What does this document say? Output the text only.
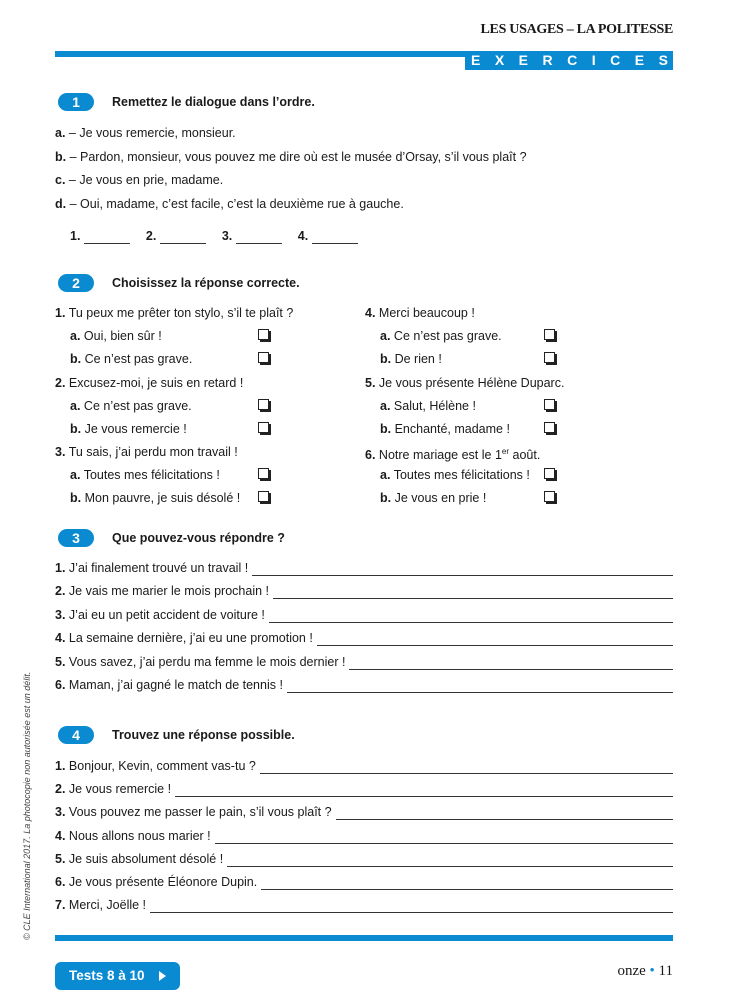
LES USAGES – LA POLITESSE
EXERCICES
1	Remettez le dialogue dans l’ordre.
1.	2.	3.	4.
2	Choisissez la réponse correcte.
3	Que pouvez-vous répondre ?
4	Trouvez une réponse possible.
Tests 8 à 10	onze • 11
© CLE International 2017. La photocopie non autorisée est un délit.
a. – Je vous remercie, monsieur.
b. – Pardon, monsieur, vous pouvez me dire où est le musée d’Orsay, s’il vous plaît ?
c. – Je vous en prie, madame.
d. – Oui, madame, c’est facile, c’est la deuxième rue à gauche.
1. Tu peux me prêter ton stylo, s’il te plaît ?
a. Oui, bien sûr !
b. Ce n’est pas grave.
2. Excusez-moi, je suis en retard !
a. Ce n’est pas grave.
b. Je vous remercie !
3. Tu sais, j’ai perdu mon travail !
a. Toutes mes félicitations !
b. Mon pauvre, je suis désolé !
4. Merci beaucoup !
a. Ce n’est pas grave.
b. De rien !
5. Je vous présente Hélène Duparc.
a. Salut, Hélène !
b. Enchanté, madame !
6. Notre mariage est le 1er août.
a. Toutes mes félicitations !
b. Je vous en prie !
1.
J’ai finalement trouvé un travail !
2.
Je vais me marier le mois prochain !
3.
J’ai eu un petit accident de voiture !
4.
La semaine dernière, j’ai eu une promotion !
5.
Vous savez, j’ai perdu ma femme le mois dernier !
6.
Maman, j’ai gagné le match de tennis !
1.
Bonjour, Kevin, comment vas-tu ?
2.
Je vous remercie !
3.
Vous pouvez me passer le pain, s’il vous plaît ?
4.
Nous allons nous marier !
5.
Je suis absolument désolé !
6.
Je vous présente Éléonore Dupin.
7.
Merci, Joëlle !
